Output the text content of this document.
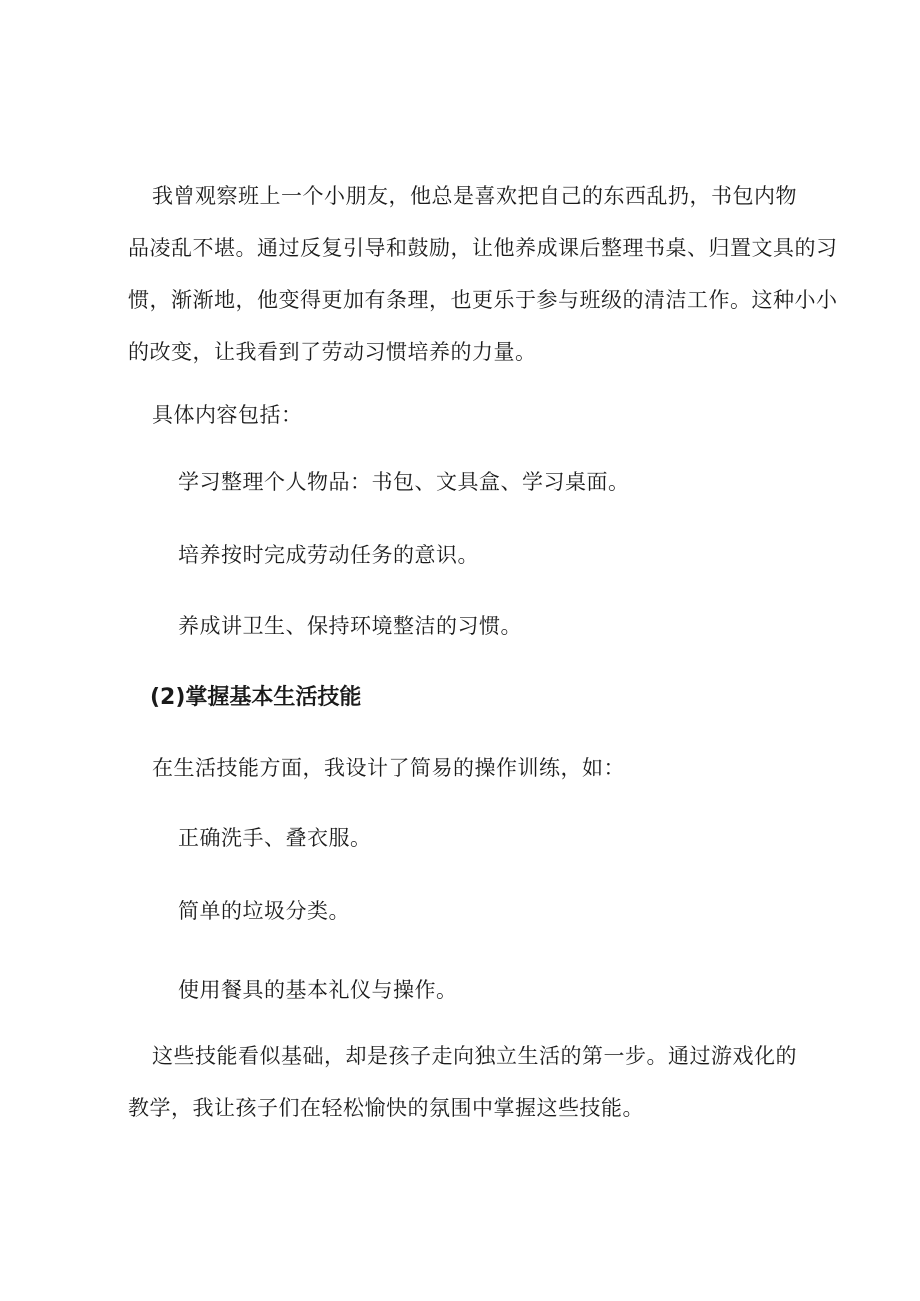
我曾观察班上一个小朋友，他总是喜欢把自己的东西乱扔，书包内物
品凌乱不堪。通过反复引导和鼓励，让他养成课后整理书桌、归置文具的习
惯，渐渐地，他变得更加有条理，也更乐于参与班级的清洁工作。这种小小
的改变，让我看到了劳动习惯培养的力量。

具体内容包括：

学习整理个人物品：书包、文具盒、学习桌面。

培养按时完成劳动任务的意识。

养成讲卫生、保持环境整洁的习惯。

(2)掌握基本生活技能

在生活技能方面，我设计了简易的操作训练，如：

正确洗手、叠衣服。

简单的垃圾分类。

使用餐具的基本礼仪与操作。

这些技能看似基础，却是孩子走向独立生活的第一步。通过游戏化的
教学，我让孩子们在轻松愉快的氛围中掌握这些技能。
